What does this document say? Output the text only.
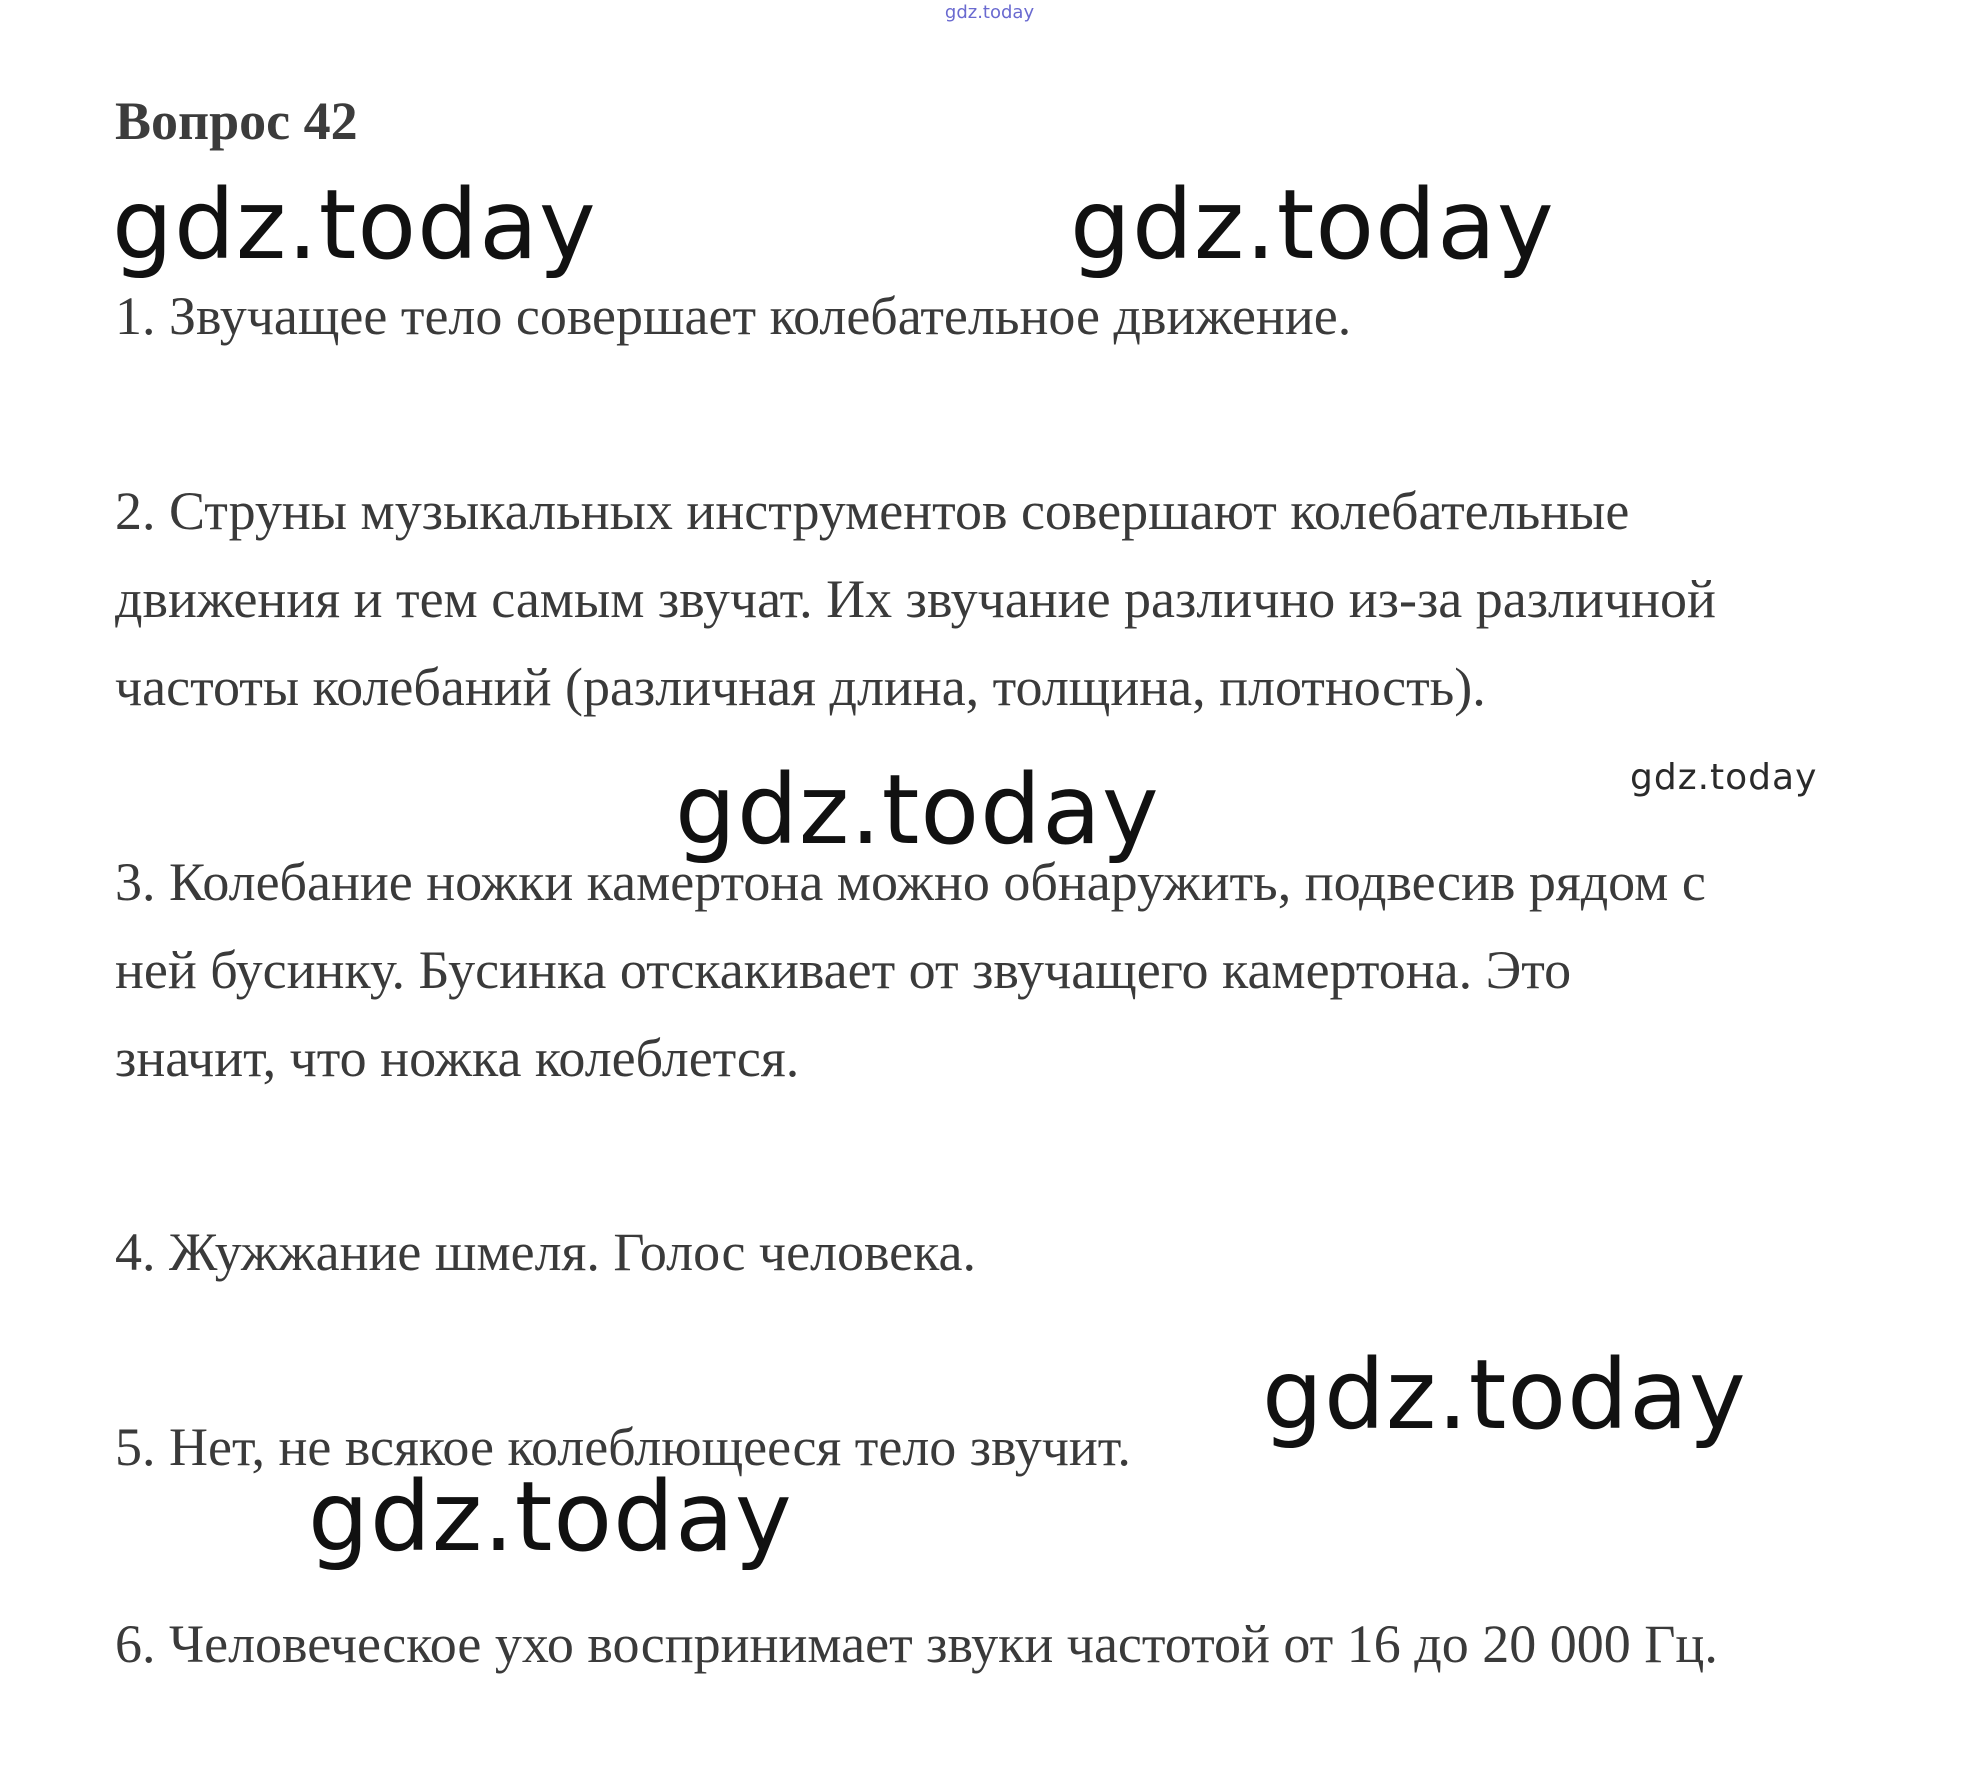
gdz.today
Вопрос 42
gdz.today	gdz.today
gdz.today	gdz.today
gdz.today
gdz.today
1. Звучащее тело совершает колебательное движение.
2. Струны музыкальных инструментов совершают колебательные
движения и тем самым звучат. Их звучание различно из-за различной
частоты колебаний (различная длина, толщина, плотность).
3. Колебание ножки камертона можно обнаружить, подвесив рядом с
ней бусинку. Бусинка отскакивает от звучащего камертона. Это
значит, что ножка колеблется.
4. Жужжание шмеля. Голос человека.
5. Нет, не всякое колеблющееся тело звучит.
6. Человеческое ухо воспринимает звуки частотой от 16 до 20 000 Гц.
